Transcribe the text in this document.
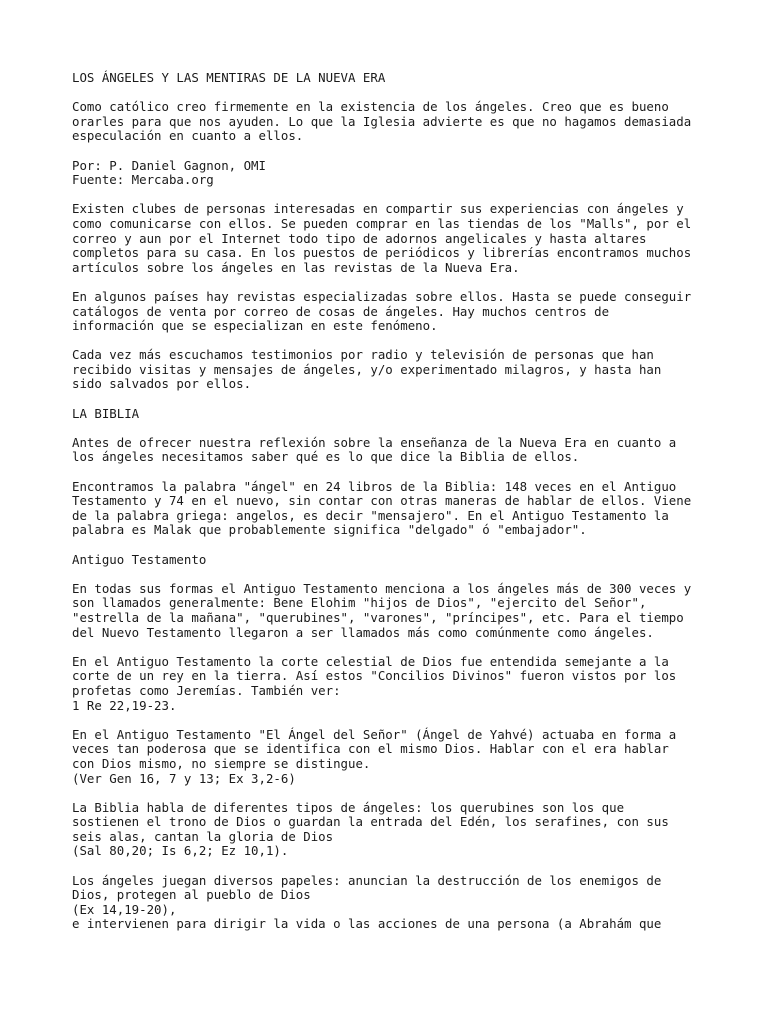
LOS ÁNGELES Y LAS MENTIRAS DE LA NUEVA ERA
Como católico creo firmemente en la existencia de los ángeles. Creo que es bueno
orarles para que nos ayuden. Lo que la Iglesia advierte es que no hagamos demasiada
especulación en cuanto a ellos.
Por: P. Daniel Gagnon, OMI
Fuente: Mercaba.org
Existen clubes de personas interesadas en compartir sus experiencias con ángeles y
como comunicarse con ellos. Se pueden comprar en las tiendas de los "Malls", por el
correo y aun por el Internet todo tipo de adornos angelicales y hasta altares
completos para su casa. En los puestos de periódicos y librerías encontramos muchos
artículos sobre los ángeles en las revistas de la Nueva Era.
En algunos países hay revistas especializadas sobre ellos. Hasta se puede conseguir
catálogos de venta por correo de cosas de ángeles. Hay muchos centros de
información que se especializan en este fenómeno.
Cada vez más escuchamos testimonios por radio y televisión de personas que han
recibido visitas y mensajes de ángeles, y/o experimentado milagros, y hasta han
sido salvados por ellos.
LA BIBLIA
Antes de ofrecer nuestra reflexión sobre la enseñanza de la Nueva Era en cuanto a
los ángeles necesitamos saber qué es lo que dice la Biblia de ellos.
Encontramos la palabra "ángel" en 24 libros de la Biblia: 148 veces en el Antiguo
Testamento y 74 en el nuevo, sin contar con otras maneras de hablar de ellos. Viene
de la palabra griega: angelos, es decir "mensajero". En el Antiguo Testamento la
palabra es Malak que probablemente significa "delgado" ó "embajador".
Antiguo Testamento
En todas sus formas el Antiguo Testamento menciona a los ángeles más de 300 veces y
son llamados generalmente: Bene Elohim "hijos de Dios", "ejercito del Señor",
"estrella de la mañana", "querubines", "varones", "príncipes", etc. Para el tiempo
del Nuevo Testamento llegaron a ser llamados más como comúnmente como ángeles.
En el Antiguo Testamento la corte celestial de Dios fue entendida semejante a la
corte de un rey en la tierra. Así estos "Concilios Divinos" fueron vistos por los
profetas como Jeremías. También ver:
1 Re 22,19-23.
En el Antiguo Testamento "El Ángel del Señor" (Ángel de Yahvé) actuaba en forma a
veces tan poderosa que se identifica con el mismo Dios. Hablar con el era hablar
con Dios mismo, no siempre se distingue.
(Ver Gen 16, 7 y 13; Ex 3,2-6)
La Biblia habla de diferentes tipos de ángeles: los querubines son los que
sostienen el trono de Dios o guardan la entrada del Edén, los serafines, con sus
seis alas, cantan la gloria de Dios
(Sal 80,20; Is 6,2; Ez 10,1).
Los ángeles juegan diversos papeles: anuncian la destrucción de los enemigos de
Dios, protegen al pueblo de Dios
(Ex 14,19-20),
e intervienen para dirigir la vida o las acciones de una persona (a Abrahám que
